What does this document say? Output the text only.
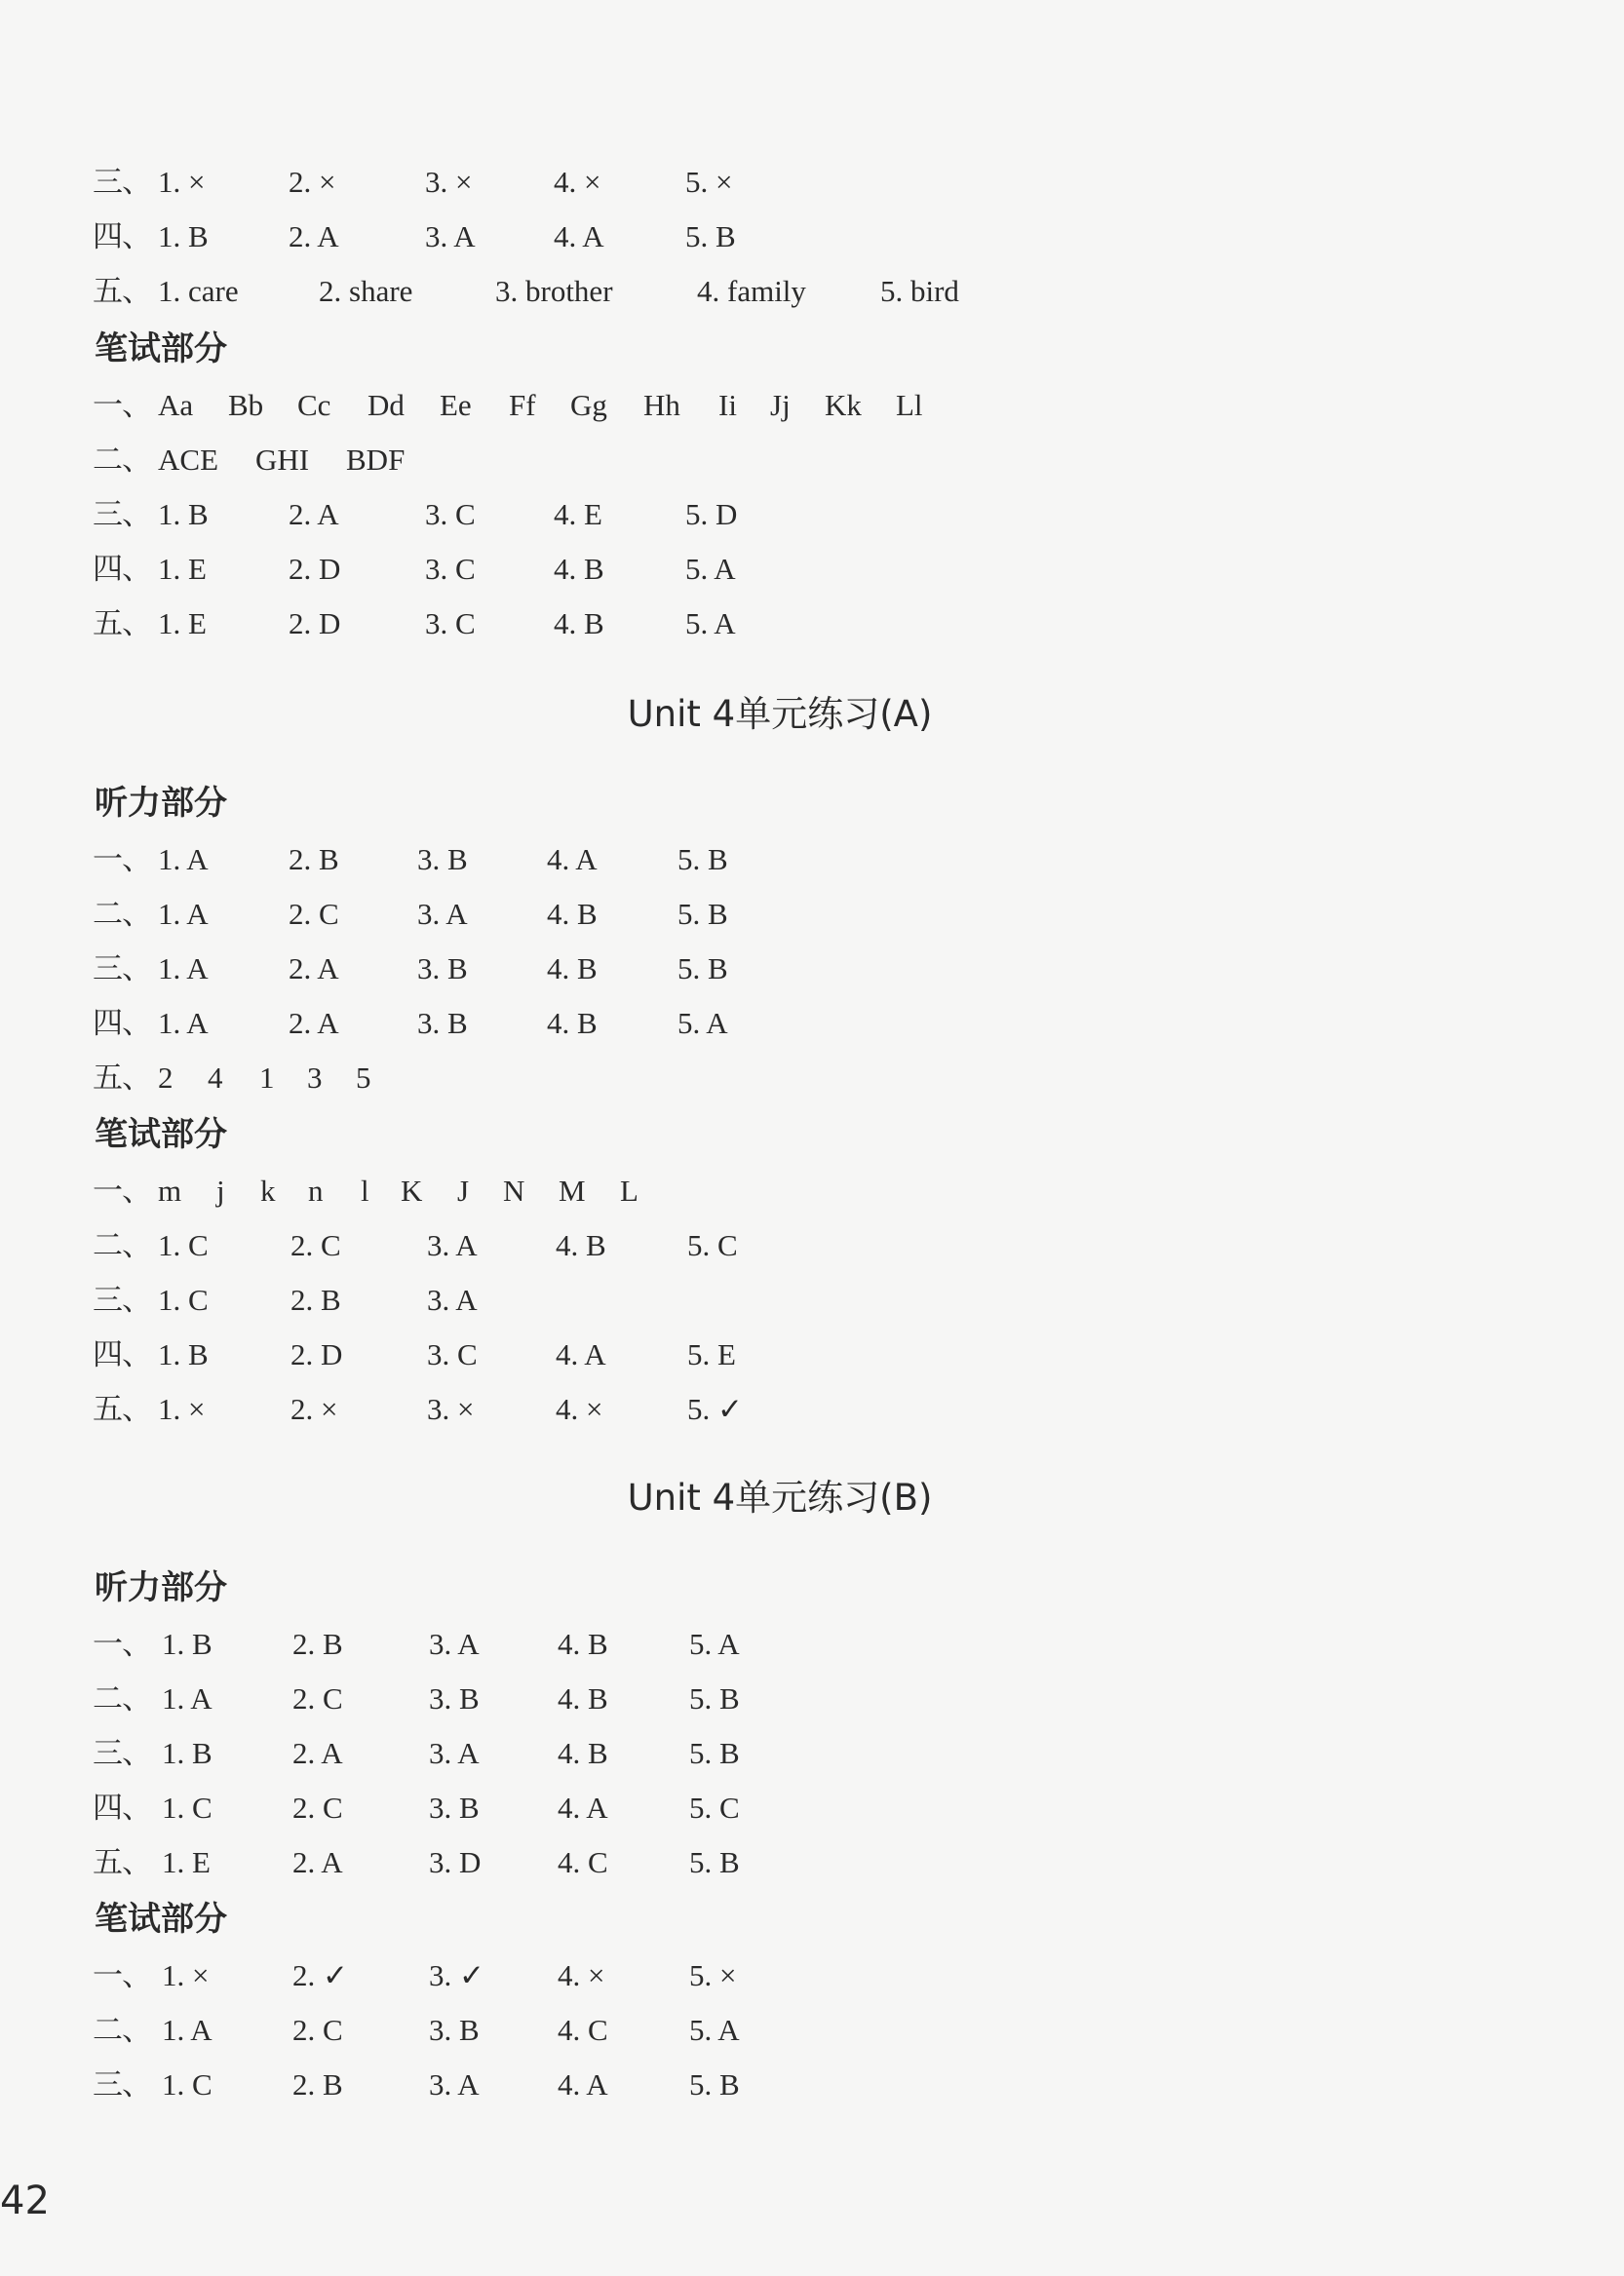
三、 1. ×	2. ×	3. ×	4. ×	5. ×
四、 1. B	2. A	3. A	4. A	5. B
五、 1. care	2. share	3. brother	4. family 5. bird
笔试部分
一、 Aa Bb Cc Dd Ee Ff Gg Hh Ii Jj Kk Ll
二、 ACE GHI BDF
三、 1. B	2. A	3. C	4. E	5. D
四、 1. E	2. D	3. C	4. B	5. A
五、 1. E	2. D	3. C	4. B	5. A
Unit 4单元练习(A)
听力部分
一、 1. A	2. B	3. B	4. A	5. B
二、 1. A	2. C	3. A	4. B	5. B
三、 1. A	2. A	3. B	4. B	5. B
四、 1. A	2. A	3. B	4. B	5. A
五、 2 4 1 3 5
笔试部分
一、 m j k n l K J N M L
二、 1. C	2. C	3. A	4. B	5. C
三、 1. C	2. B	3. A
四、 1. B	2. D	3. C	4. A	5. E
五、 1. ×	2. ×	3. ×	4. ×	5. ✓
Unit 4单元练习(B)
听力部分
一、 1. B	2. B	3. A	4. B	5. A
二、 1. A	2. C	3. B	4. B	5. B
三、 1. B	2. A	3. A	4. B	5. B
四、 1. C	2. C	3. B	4. A	5. C
五、 1. E	2. A	3. D	4. C	5. B
笔试部分
一、 1. ×	2. ✓	3. ✓ 4. ×	5. ×
二、 1. A	2. C	3. B	4. C	5. A
三、 1. C	2. B	3. A	4. A	5. B
42
